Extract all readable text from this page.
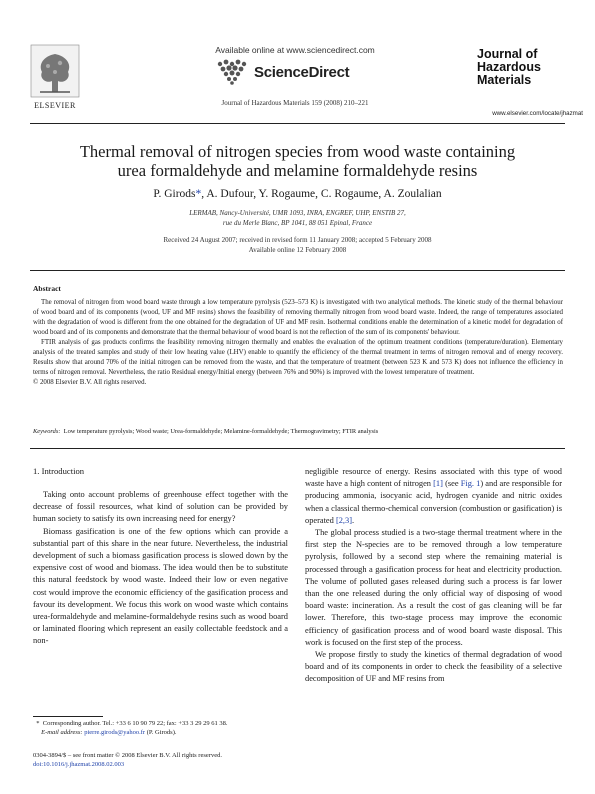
Available online at www.sciencedirect.com
ScienceDirect
Journal of Hazardous Materials 159 (2008) 210–221
ELSEVIER
Journal of
Hazardous
Materials
www.elsevier.com/locate/jhazmat
Thermal removal of nitrogen species from wood waste containing
urea formaldehyde and melamine formaldehyde resins
P. Girods*, A. Dufour, Y. Rogaume, C. Rogaume, A. Zoulalian
LERMAB, Nancy-Université, UMR 1093, INRA, ENGREF, UHP, ENSTIB 27,
rue du Merle Blanc, BP 1041, 88 051 Epinal, France
Received 24 August 2007; received in revised form 11 January 2008; accepted 5 February 2008
Available online 12 February 2008
Abstract

The removal of nitrogen from wood board waste through a low temperature pyrolysis (523–573 K) is investigated with two analytical methods. The kinetic study of the thermal behaviour of wood board and of its components (wood, UF and MF resins) shows the feasibility of removing thermally nitrogen from wood board waste. Indeed, the range of temperatures associated with the degradation of wood is different from the one obtained for the degradation of UF and MF resin. Isothermal conditions enable the determination of a kinetic model for degradation of wood board and of its components and demonstrate that the thermal behaviour of wood board is not the reflection of the sum of its components' behaviour.

FTIR analysis of gas products confirms the feasibility removing nitrogen thermally and enables the evaluation of the optimum treatment conditions (temperature/duration). Elementary analysis of the treated samples and study of their low heating value (LHV) enable to quantify the efficiency of the thermal treatment in terms of nitrogen removal and of energy recovery. Results show that around 70% of the initial nitrogen can be removed from the waste, and that the temperature of treatment (between 523 K and 573 K) does not influence the efficiency in terms of nitrogen removal. Nevertheless, the ratio Residual energy/Initial energy (between 76% and 90%) is improved with the lowest temperature of treatment.

© 2008 Elsevier B.V. All rights reserved.

Keywords: Low temperature pyrolysis; Wood waste; Urea-formaldehyde; Melamine-formaldehyde; Thermogravimetry; FTIR analysis
1. Introduction

Taking onto account problems of greenhouse effect together with the decrease of fossil resources, what kind of solution can be provided by human society to satisfy its own increasing need for energy?

Biomass gasification is one of the few options which can provide a substantial part of this share in the near future. Nevertheless, the industrial development of such a biomass gasification process is slowed down by the expensive cost of wood and biomass. The idea would then be to substitute this natural feedstock by wood waste. Indeed their low or even negative cost would improve the economic efficiency of the gasification process and favour its development. We focus this work on wood waste which contains urea-formaldehyde and melamine-formaldehyde resins such as wood board or laminated flooring which represent an easily collectable feedstock and a non-

negligible resource of energy. Resins associated with this type of wood waste have a high content of nitrogen [1] (see Fig. 1) and are responsible for producing ammonia, isocyanic acid, hydrogen cyanide and nitric oxides when a classical thermo-chemical conversion (combustion or gasification) is operated [2,3].

The global process studied is a two-stage thermal treatment where in the first step the N-species are to be removed through a low temperature pyrolysis, followed by a second step where the remaining material is processed through a gasification process for heat and electricity production. The volume of polluted gases released during such a process is far lower than the one released during the only official way of disposing of wood board waste: incineration. As a result the cost of gas cleaning will be far lower. Therefore, this two-stage process may improve the economic efficiency of gasification process and of wood board waste disposal. This work is focused on the first step of the process.

We propose firstly to study the kinetics of thermal degradation of wood board and of its components in order to check the feasibility of a selective decomposition of UF and MF resins from

* Corresponding author. Tel.: +33 6 10 90 79 22; fax: +33 3 29 29 61 38.
E-mail address: pierre.girods@yahoo.fr (P. Girods).
0304-3894/$ – see front matter © 2008 Elsevier B.V. All rights reserved.
doi:10.1016/j.jhazmat.2008.02.003
